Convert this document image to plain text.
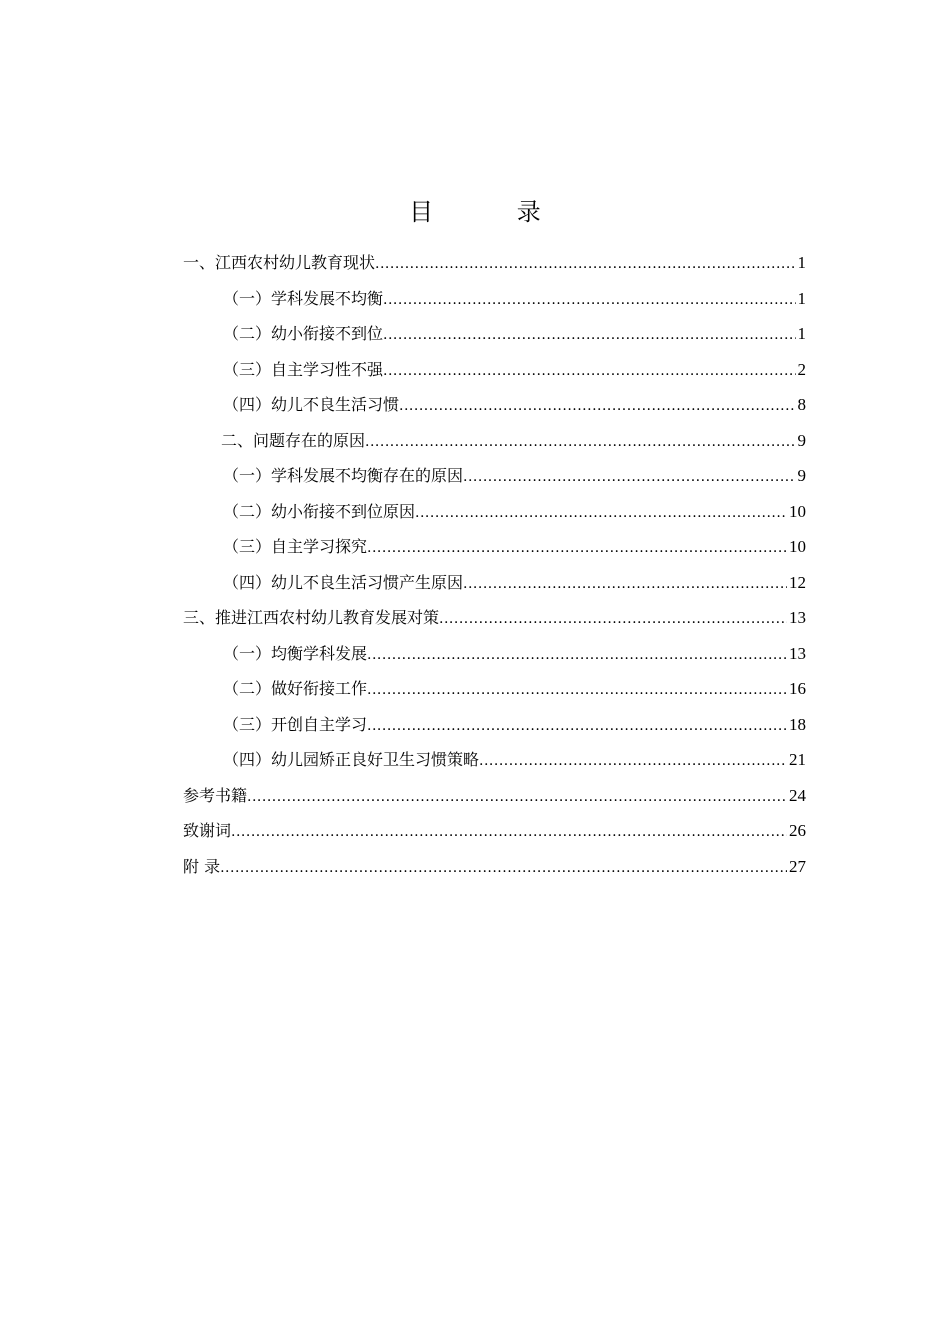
目 录
一、江西农村幼儿教育现状 .....	1
（一）学科发展不均衡 .....	1
（二）幼小衔接不到位 .....	1
（三）自主学习性不强 .....	2
（四）幼儿不良生活习惯 .....	8
二、问题存在的原因 .....	9
（一）学科发展不均衡存在的原因 .....	9
（二）幼小衔接不到位原因 .....	10
（三）自主学习探究 .....	10
（四）幼儿不良生活习惯产生原因 .....	12
三、推进江西农村幼儿教育发展对策 .....	13
（一）均衡学科发展 .....	13
（二）做好衔接工作 .....	16
（三）开创自主学习 .....	18
（四）幼儿园矫正良好卫生习惯策略 .....	21
参考书籍 .....	24
致谢词 .....	26
附 录 .....	27
